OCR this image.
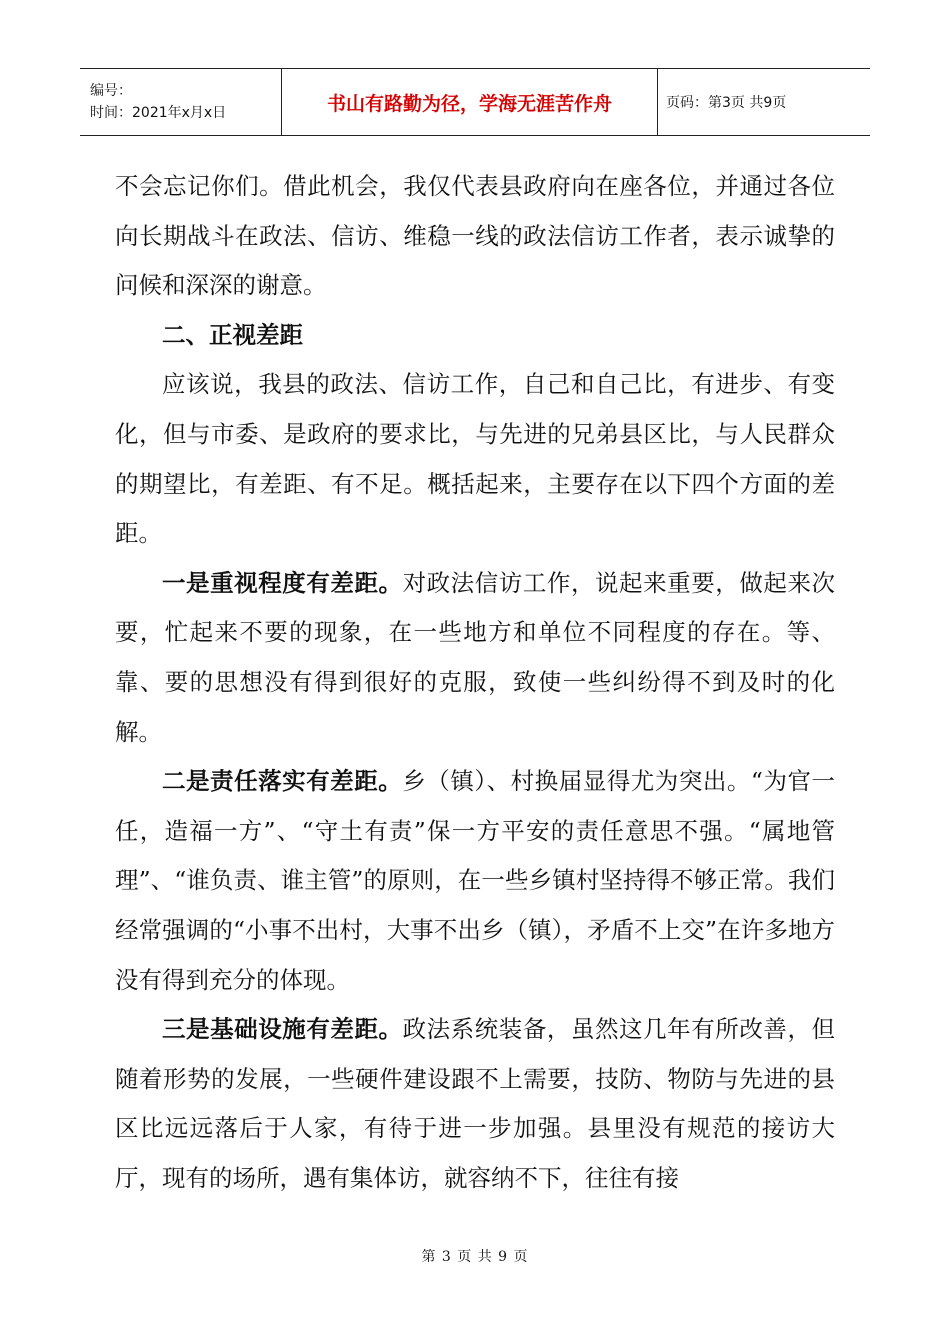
编号：
时间：2021年x月x日	书山有路勤为径，学海无涯苦作舟	页码：第3页 共9页

不会忘记你们。借此机会，我仅代表县政府向在座各位，并通过各位向长期战斗在政法、信访、维稳一线的政法信访工作者，表示诚挚的问候和深深的谢意。

二、正视差距

应该说，我县的政法、信访工作，自己和自己比，有进步、有变化，但与市委、是政府的要求比，与先进的兄弟县区比，与人民群众的期望比，有差距、有不足。概括起来，主要存在以下四个方面的差距。

一是重视程度有差距。对政法信访工作，说起来重要，做起来次要，忙起来不要的现象，在一些地方和单位不同程度的存在。等、靠、要的思想没有得到很好的克服，致使一些纠纷得不到及时的化解。

二是责任落实有差距。乡（镇）、村换届显得尤为突出。“为官一任，造福一方”、“守土有责”保一方平安的责任意思不强。“属地管理”、“谁负责、谁主管”的原则，在一些乡镇村坚持得不够正常。我们经常强调的“小事不出村，大事不出乡（镇），矛盾不上交”在许多地方没有得到充分的体现。

三是基础设施有差距。政法系统装备，虽然这几年有所改善，但随着形势的发展，一些硬件建设跟不上需要，技防、物防与先进的县区比远远落后于人家，有待于进一步加强。县里没有规范的接访大厅，现有的场所，遇有集体访，就容纳不下，往往有接

第 3 页 共 9 页
